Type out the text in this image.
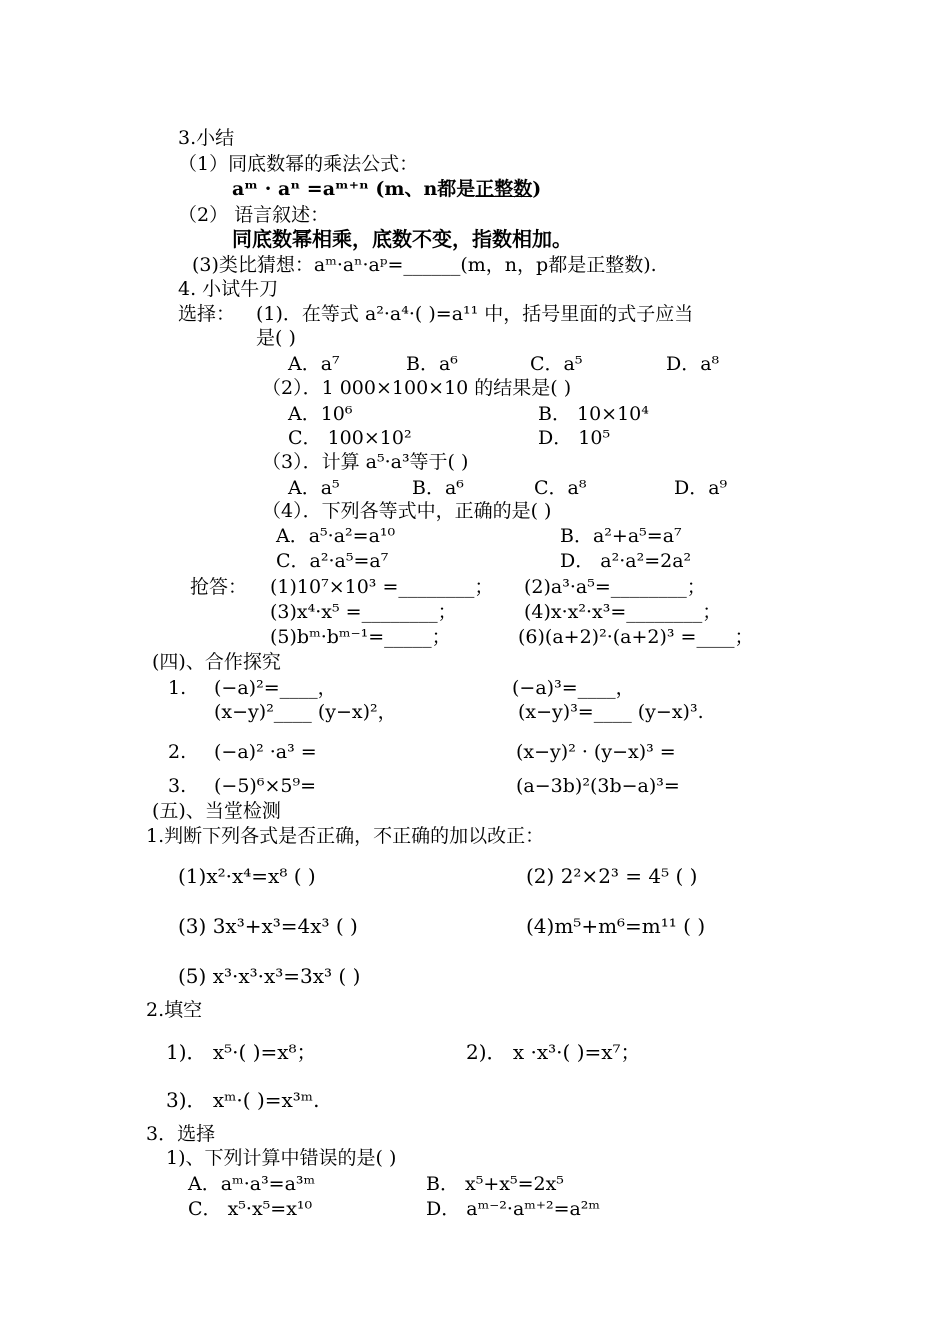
3.小结
（1）同底数幂的乘法公式：
aᵐ · aⁿ =aᵐ⁺ⁿ (m、n都是正整数)
（2） 语言叙述：
同底数幂相乘，底数不变，指数相加。
(3)类比猜想：aᵐ·aⁿ·aᵖ=______(m，n，p都是正整数).
4. 小试牛刀
选择： (1)．在等式 a²·a⁴·( )=a¹¹ 中，括号里面的式子应当
是( )
A．a⁷	B．a⁶	C．a⁵	D．a⁸
（2）．1 000×100×10 的结果是( )
A．10⁶	B． 10×10⁴
C． 100×10²	D． 10⁵
（3）．计算 a⁵·a³等于( )
A．a⁵	B．a⁶	C．a⁸	D．a⁹
（4）．下列各等式中，正确的是( )
A．a⁵·a²=a¹⁰	B．a²+a⁵=a⁷
C．a²·a⁵=a⁷	D． a²·a²=2a²
抢答： (1)10⁷×10³ =________； (2)a³·a⁵=________；
(3)x⁴·x⁵ =________；	(4)x·x²·x³=________；
(5)bᵐ·bᵐ⁻¹=_____；	(6)(a+2)²·(a+2)³ =____；
(四)、合作探究
1. (−a)²=____，	(−a)³=____，
(x−y)²____ (y−x)²，	(x−y)³=____ (y−x)³.
2. (−a)² ·a³ =	(x−y)² · (y−x)³ =
3. (−5)⁶×5⁹=	(a−3b)²(3b−a)³=
(五)、当堂检测
1.判断下列各式是否正确，不正确的加以改正：
(1)x²·x⁴=x⁸ ( )	(2) 2²×2³ = 4⁵ ( )
(3) 3x³+x³=4x³ ( )	(4)m⁵+m⁶=m¹¹ ( )
(5) x³·x³·x³=3x³ ( )
2.填空
1)． x⁵·( )=x⁸；	2)． x ·x³·( )=x⁷；
3)． xᵐ·( )=x³ᵐ.
3．选择
1)、下列计算中错误的是( )
A．aᵐ·a³=a³ᵐ	B． x⁵+x⁵=2x⁵
C． x⁵·x⁵=x¹⁰	D． aᵐ⁻²·aᵐ⁺²=a²ᵐ
